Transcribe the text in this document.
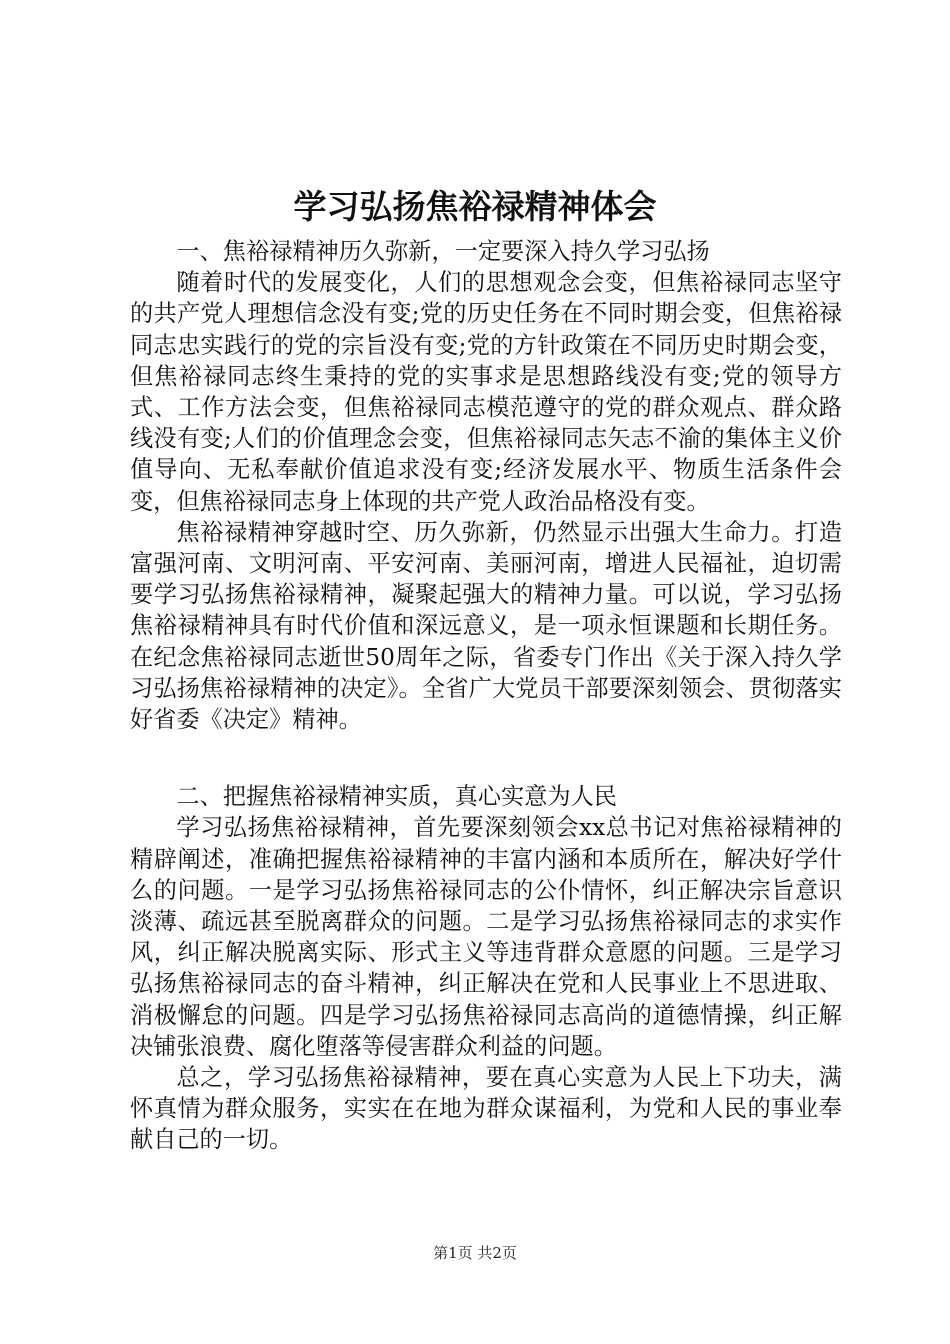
学习弘扬焦裕禄精神体会

一、焦裕禄精神历久弥新，一定要深入持久学习弘扬

随着时代的发展变化，人们的思想观念会变，但焦裕禄同志坚守的共产党人理想信念没有变;党的历史任务在不同时期会变，但焦裕禄同志忠实践行的党的宗旨没有变;党的方针政策在不同历史时期会变，但焦裕禄同志终生秉持的党的实事求是思想路线没有变;党的领导方式、工作方法会变，但焦裕禄同志模范遵守的党的群众观点、群众路线没有变;人们的价值理念会变，但焦裕禄同志矢志不渝的集体主义价值导向、无私奉献价值追求没有变;经济发展水平、物质生活条件会变，但焦裕禄同志身上体现的共产党人政治品格没有变。

焦裕禄精神穿越时空、历久弥新，仍然显示出强大生命力。打造富强河南、文明河南、平安河南、美丽河南，增进人民福祉，迫切需要学习弘扬焦裕禄精神，凝聚起强大的精神力量。可以说，学习弘扬焦裕禄精神具有时代价值和深远意义，是一项永恒课题和长期任务。在纪念焦裕禄同志逝世50周年之际，省委专门作出《关于深入持久学习弘扬焦裕禄精神的决定》。全省广大党员干部要深刻领会、贯彻落实好省委《决定》精神。

二、把握焦裕禄精神实质，真心实意为人民

学习弘扬焦裕禄精神，首先要深刻领会xx总书记对焦裕禄精神的精辟阐述，准确把握焦裕禄精神的丰富内涵和本质所在，解决好学什么的问题。一是学习弘扬焦裕禄同志的公仆情怀，纠正解决宗旨意识淡薄、疏远甚至脱离群众的问题。二是学习弘扬焦裕禄同志的求实作风，纠正解决脱离实际、形式主义等违背群众意愿的问题。三是学习弘扬焦裕禄同志的奋斗精神，纠正解决在党和人民事业上不思进取、消极懈怠的问题。四是学习弘扬焦裕禄同志高尚的道德情操，纠正解决铺张浪费、腐化堕落等侵害群众利益的问题。

总之，学习弘扬焦裕禄精神，要在真心实意为人民上下功夫，满怀真情为群众服务，实实在在地为群众谋福利，为党和人民的事业奉献自己的一切。

第1页 共2页
